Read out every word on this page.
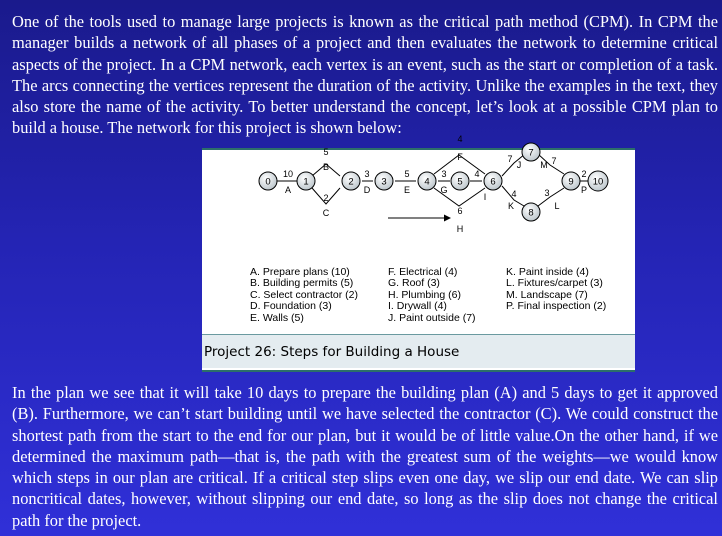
One of the tools used to manage large projects is known as the critical path method (CPM). In CPM the manager builds a network of all phases of a project and then evaluates the network to determine critical aspects of the project. In a CPM network, each vertex is an event, such as the start or completion of a task. The arcs connecting the vertices represent the duration of the activity. Unlike the examples in the text, they also store the name of the activity. To better understand the concept, let’s look at a possible CPM plan to build a house. The network for this project is shown below:

0	1	2	3	4	5	6
7
8
9 10
10
A
5
B
2
C
3
D
5
E
3
G
4
F
4
I
6
H
7
J M 7
4
K
3
L
2
P
A. Prepare plans (10)
B. Building permits (5)
C. Select contractor (2)
D. Foundation (3)
E. Walls (5)
F. Electrical (4)
G. Roof (3)
H. Plumbing (6)
I. Drywall (4)
J. Paint outside (7)
K. Paint inside (4)
L. Fixtures/carpet (3)
M. Landscape (7)
P. Final inspection (2)
Project 26: Steps for Building a House

In the plan we see that it will take 10 days to prepare the building plan (A) and 5 days to get it approved (B). Furthermore, we can’t start building until we have selected the contractor (C). We could construct the shortest path from the start to the end for our plan, but it would be of little value.On the other hand, if we determined the maximum path—that is, the path with the greatest sum of the weights—we would know which steps in our plan are critical. If a critical step slips even one day, we slip our end date. We can slip noncritical dates, however, without slipping our end date, so long as the slip does not change the critical path for the project.
